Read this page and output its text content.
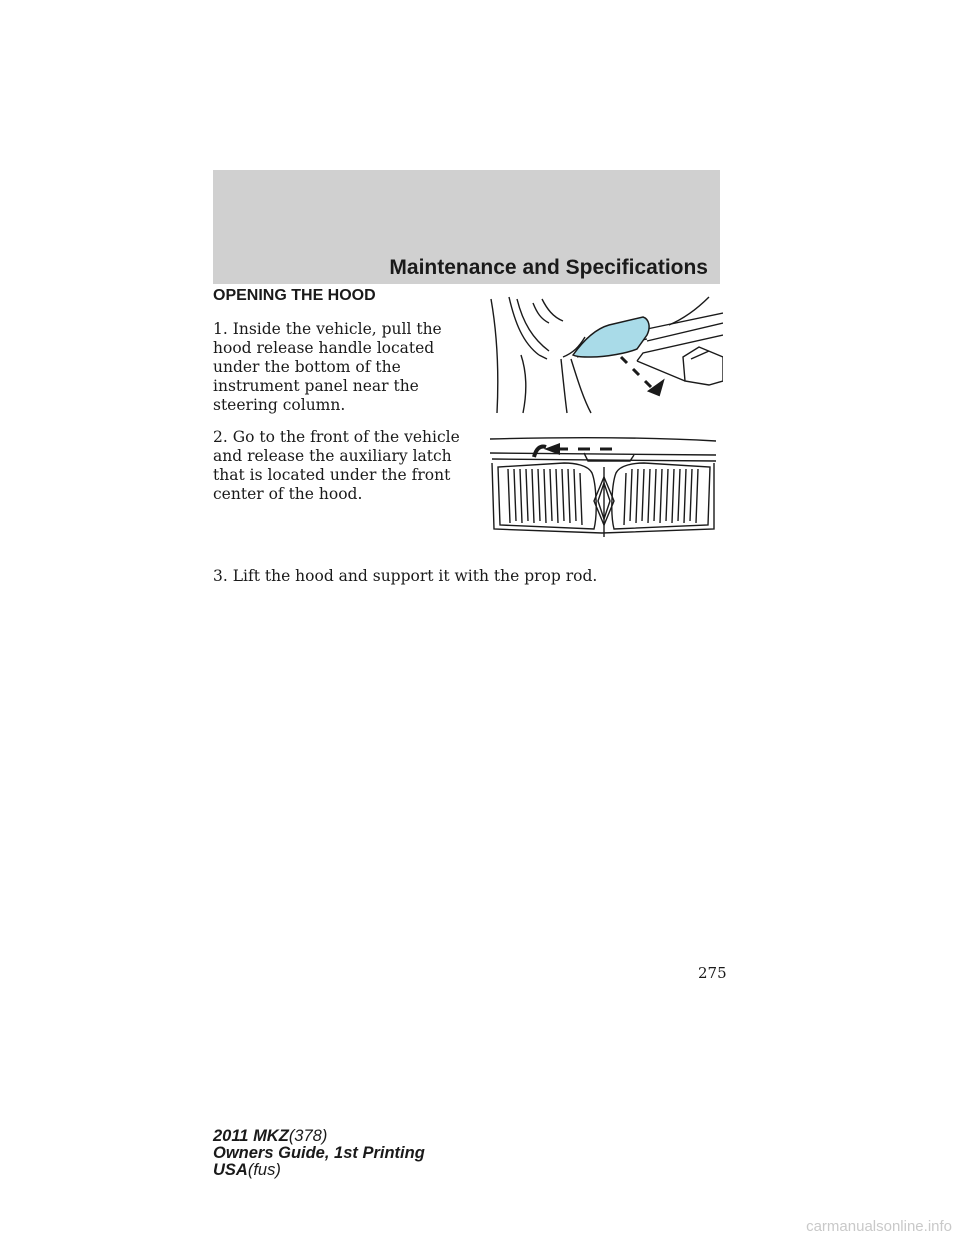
Maintenance and Specifications
OPENING THE HOOD
1. Inside the vehicle, pull the hood release handle located under the bottom of the instrument panel near the steering column.
2. Go to the front of the vehicle and release the auxiliary latch that is located under the front center of the hood.
3. Lift the hood and support it with the prop rod.
275
2011 MKZ(378)
Owners Guide, 1st Printing
USA(fus)
carmanualsonline.info
